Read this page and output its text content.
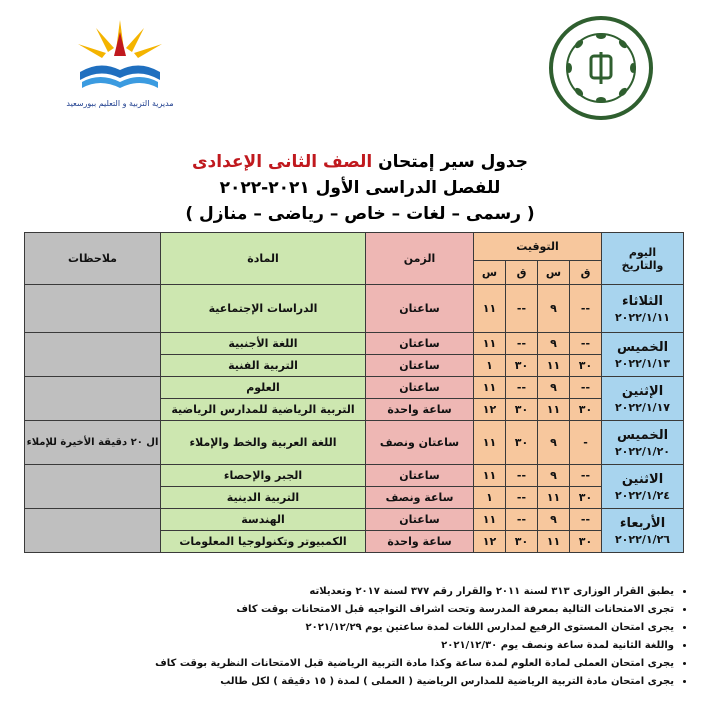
مديرية التربية و التعليم ببورسعيد
جدول سير إمتحان الصف الثانى الإعدادى
للفصل الدراسى الأول ٢٠٢١-٢٠٢٢
( رسمى – لغات – خاص – رياضى – منازل )
اليوم
والتاريخ	التوقيت				الزمن	المادة	ملاحظات
	ق	س	ق	س			

الثلاثاء
٢٠٢٢/١/١١	--	٩	--	١١	ساعتان	الدراسات الإجتماعية	

الخميس
٢٠٢٢/١/١٣	--	٩	--	١١	ساعتان	اللغة الأجنبية	
	٣٠	١١	٣٠	١	ساعتان	التربية الفنية	

الإثنين
٢٠٢٢/١/١٧	--	٩	--	١١	ساعتان	العلوم	
	٣٠	١١	٣٠	١٢	ساعة واحدة	التربية الرياضية للمدارس الرياضية	

الخميس
٢٠٢٢/١/٢٠	-	٩	٣٠	١١	ساعتان ونصف	اللغة العربية والخط والإملاء	ال ٢٠ دقيقة الأخيرة للإملاء

الاثنين
٢٠٢٢/١/٢٤	--	٩	--	١١	ساعتان	الجبر والإحصاء	
	٣٠	١١	--	١	ساعة ونصف	التربية الدينية	

الأربعاء
٢٠٢٢/١/٢٦	--	٩	--	١١	ساعتان	الهندسة	
	٣٠	١١	٣٠	١٢	ساعة واحدة	الكمبيوتر وتكنولوجيا المعلومات	
• يطبق القرار الوزارى ٣١٣ لسنة ٢٠١١ والقرار رقم ٣٧٧ لسنة ٢٠١٧ وتعديلاته
• تجرى الامتحانات التالية بمعرفة المدرسة وتحت اشراف التواجيه قبل الامتحانات بوقت كاف
• يجرى امتحان المستوى الرفيع لمدارس اللغات لمدة ساعتين يوم ٢٠٢١/١٢/٢٩
• واللغة الثانية لمدة ساعة ونصف يوم ٢٠٢١/١٢/٣٠
• يجرى امتحان العملى لمادة العلوم لمدة ساعة وكذا مادة التربية الرياضية قبل الامتحانات النظرية بوقت كاف
• يجرى امتحان مادة التربية الرياضية للمدارس الرياضية ( العملى ) لمدة ( ١٥ دقيقة ) لكل طالب
